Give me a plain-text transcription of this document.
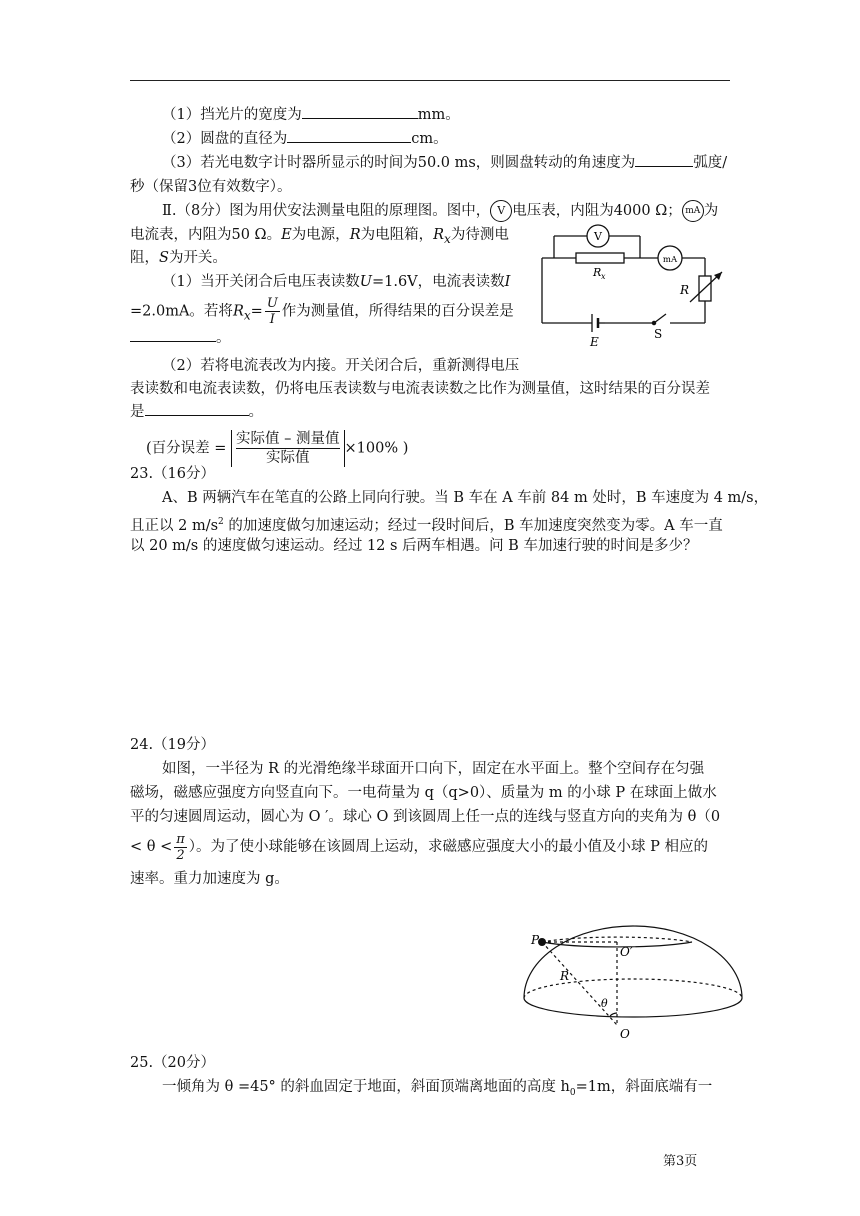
（1）挡光片的宽度为	mm。
（2）圆盘的直径为	cm。
（3）若光电数字计时器所显示的时间为50.0 ms，则圆盘转动的角速度为	弧度/
秒（保留3位有效数字）。
Ⅱ.（8分）图为用伏安法测量电阻的原理图。图中， V 电压表，内阻为4000 Ω； mA 为
电流表，内阻为50 Ω。E为电源，R为电阻箱，$R_x$为待测电
阻，S为开关。
（1）当开关闭合后电压表读数U=1.6V，电流表读数I
=2.0mA。若将$R_x= \frac{U}{I}$ 作为测量值，所得结果的百分误差是
。
（2）若将电流表改为内接。开关闭合后，重新测得电压
表读数和电流表读数，仍将电压表读数与电流表读数之比作为测量值，这时结果的百分误差
是	。
(百分误差 =
实际值 – 测量值
实际值
×100% )
V
mA
R x
R
E
S
23.（16分）
A、B 两辆汽车在笔直的公路上同向行驶。当 B 车在 A 车前 84 m 处时，B 车速度为 4 m/s，
且正以 2 $m/s^2$ 的加速度做匀加速运动；经过一段时间后，B 车加速度突然变为零。A 车一直
以 20 m/s 的速度做匀速运动。经过 12 s 后两车相遇。问 B 车加速行驶的时间是多少？
24.（19分）
如图，一半径为 R 的光滑绝缘半球面开口向下，固定在水平面上。整个空间存在匀强
磁场，磁感应强度方向竖直向下。一电荷量为 q（q>0）、质量为 m 的小球 P 在球面上做水
平的匀速圆周运动，圆心为 O ′。球心 O 到该圆周上任一点的连线与竖直方向的夹角为 θ（0
< $\theta < \frac{\pi}{2}$ ）。为了使小球能够在该圆周上运动，求磁感应强度大小的最小值及小球 P 相应的
速率。重力加速度为 g。
P
O′
R
θ
O
25.（20分）
一倾角为 θ =45° 的斜血固定于地面，斜面顶端离地面的高度 $h_0=1m$，斜面底端有一
第3页
